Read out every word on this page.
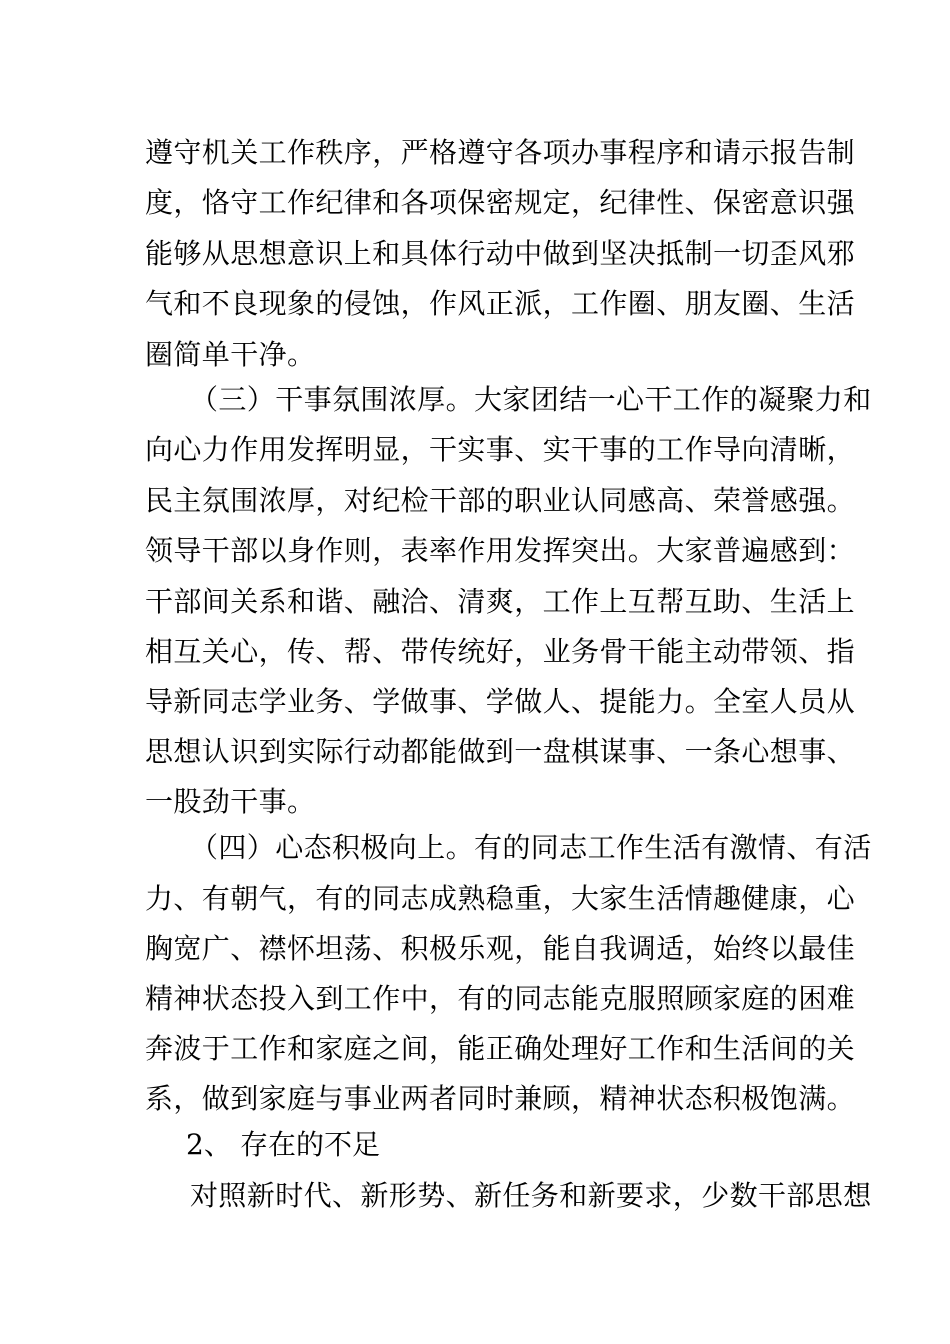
遵守机关工作秩序，严格遵守各项办事程序和请示报告制
度，恪守工作纪律和各项保密规定，纪律性、保密意识强
能够从思想意识上和具体行动中做到坚决抵制一切歪风邪
气和不良现象的侵蚀，作风正派，工作圈、朋友圈、生活
圈简单干净。
（三）干事氛围浓厚。大家团结一心干工作的凝聚力和
向心力作用发挥明显，干实事、实干事的工作导向清晰，
民主氛围浓厚，对纪检干部的职业认同感高、荣誉感强。
领导干部以身作则，表率作用发挥突出。大家普遍感到：
干部间关系和谐、融洽、清爽，工作上互帮互助、生活上
相互关心，传、帮、带传统好，业务骨干能主动带领、指
导新同志学业务、学做事、学做人、提能力。全室人员从
思想认识到实际行动都能做到一盘棋谋事、一条心想事、
一股劲干事。
（四）心态积极向上。有的同志工作生活有激情、有活
力、有朝气，有的同志成熟稳重，大家生活情趣健康，心
胸宽广、襟怀坦荡、积极乐观，能自我调适，始终以最佳
精神状态投入到工作中，有的同志能克服照顾家庭的困难
奔波于工作和家庭之间，能正确处理好工作和生活间的关
系，做到家庭与事业两者同时兼顾，精神状态积极饱满。
2、 存在的不足
对照新时代、新形势、新任务和新要求，少数干部思想
